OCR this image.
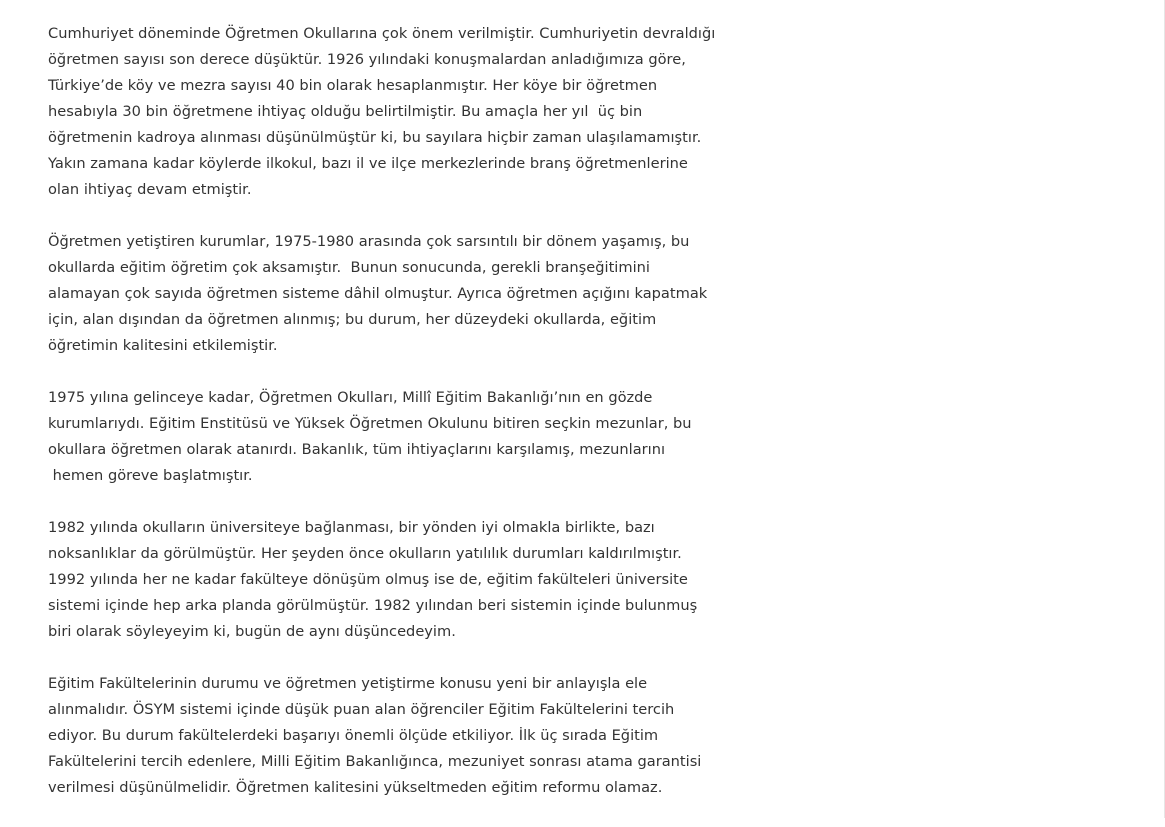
Cumhuriyet döneminde Öğretmen Okullarına çok önem verilmiştir. Cumhuriyetin devraldığı
öğretmen sayısı son derece düşüktür. 1926 yılındaki konuşmalardan anladığımıza göre,
Türkiye’de köy ve mezra sayısı 40 bin olarak hesaplanmıştır. Her köye bir öğretmen
hesabıyla 30 bin öğretmene ihtiyaç olduğu belirtilmiştir. Bu amaçla her yıl  üç bin
öğretmenin kadroya alınması düşünülmüştür ki, bu sayılara hiçbir zaman ulaşılamamıştır.
Yakın zamana kadar köylerde ilkokul, bazı il ve ilçe merkezlerinde branş öğretmenlerine
olan ihtiyaç devam etmiştir.

Öğretmen yetiştiren kurumlar, 1975-1980 arasında çok sarsıntılı bir dönem yaşamış, bu
okullarda eğitim öğretim çok aksamıştır.  Bunun sonucunda, gerekli branşeğitimini
alamayan çok sayıda öğretmen sisteme dâhil olmuştur. Ayrıca öğretmen açığını kapatmak
için, alan dışından da öğretmen alınmış; bu durum, her düzeydeki okullarda, eğitim
öğretimin kalitesini etkilemiştir.

1975 yılına gelinceye kadar, Öğretmen Okulları, Millî Eğitim Bakanlığı’nın en gözde
kurumlarıydı. Eğitim Enstitüsü ve Yüksek Öğretmen Okulunu bitiren seçkin mezunlar, bu
okullara öğretmen olarak atanırdı. Bakanlık, tüm ihtiyaçlarını karşılamış, mezunlarını
hemen göreve başlatmıştır.

1982 yılında okulların üniversiteye bağlanması, bir yönden iyi olmakla birlikte, bazı
noksanlıklar da görülmüştür. Her şeyden önce okulların yatılılık durumları kaldırılmıştır.
1992 yılında her ne kadar fakülteye dönüşüm olmuş ise de, eğitim fakülteleri üniversite
sistemi içinde hep arka planda görülmüştür. 1982 yılından beri sistemin içinde bulunmuş
biri olarak söyleyeyim ki, bugün de aynı düşüncedeyim.

Eğitim Fakültelerinin durumu ve öğretmen yetiştirme konusu yeni bir anlayışla ele
alınmalıdır. ÖSYM sistemi içinde düşük puan alan öğrenciler Eğitim Fakültelerini tercih
ediyor. Bu durum fakültelerdeki başarıyı önemli ölçüde etkiliyor. İlk üç sırada Eğitim
Fakültelerini tercih edenlere, Milli Eğitim Bakanlığınca, mezuniyet sonrası atama garantisi
verilmesi düşünülmelidir. Öğretmen kalitesini yükseltmeden eğitim reformu olamaz.
